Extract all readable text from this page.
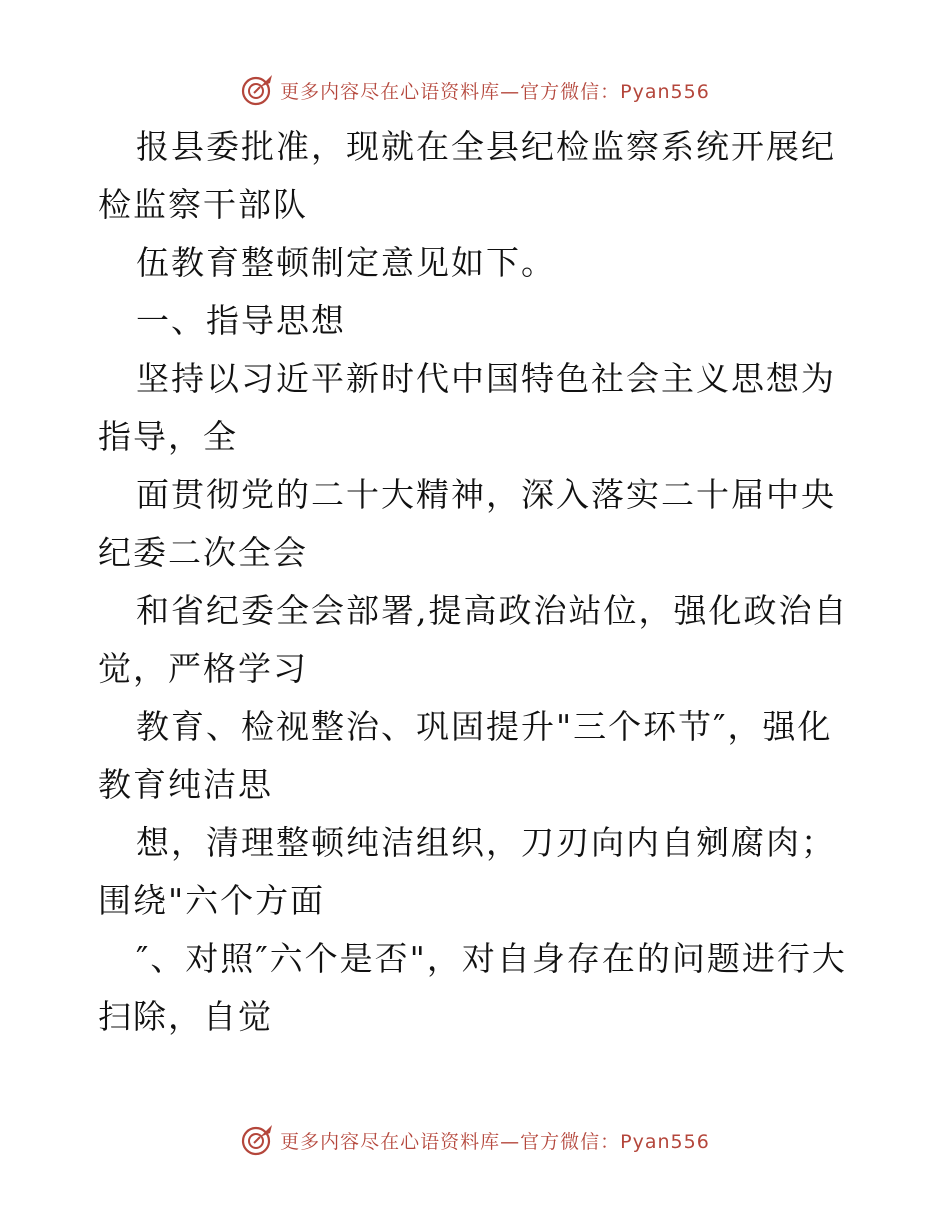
更多内容尽在心语资料库—官方微信：Pyan556

报县委批准，现就在全县纪检监察系统开展纪检监察干部队

伍教育整顿制定意见如下。

一、指导思想

坚持以习近平新时代中国特色社会主义思想为指导，全

面贯彻党的二十大精神，深入落实二十届中央纪委二次全会

和省纪委全会部署,提高政治站位，强化政治自觉，严格学习

教育、检视整治、巩固提升"三个环节″，强化教育纯洁思

想，清理整顿纯洁组织，刀刃向内自剜腐肉；围绕"六个方面

″、对照″六个是否"，对自身存在的问题进行大扫除，自觉

更多内容尽在心语资料库—官方微信：Pyan556
